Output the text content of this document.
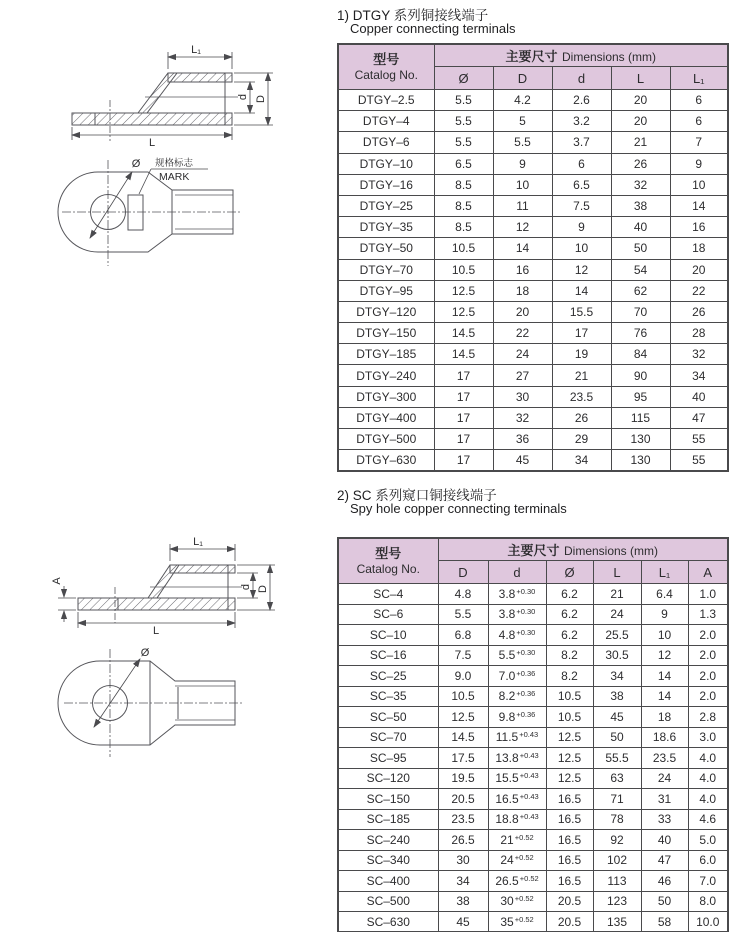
1) DTGY 系列铜接线端子
Copper connecting terminals
L₁
d D
L
Ø 规格标志
MARK
型号
Catalog No.	主要尺寸 Dimensions (mm)				
	Ø	D	d	L	L₁
DTGY–2.5	5.5	4.2	2.6	20	6
DTGY–4	5.5	5	3.2	20	6
DTGY–6	5.5	5.5	3.7	21	7
DTGY–10	6.5	9	6	26	9
DTGY–16	8.5	10	6.5	32	10
DTGY–25	8.5	11	7.5	38	14
DTGY–35	8.5	12	9	40	16
DTGY–50	10.5	14	10	50	18
DTGY–70	10.5	16	12	54	20
DTGY–95	12.5	18	14	62	22
DTGY–120	12.5	20	15.5	70	26
DTGY–150	14.5	22	17	76	28
DTGY–185	14.5	24	19	84	32
DTGY–240	17	27	21	90	34
DTGY–300	17	30	23.5	95	40
DTGY–400	17	32	26	115	47
DTGY–500	17	36	29	130	55
DTGY–630	17	45	34	130	55
2) SC 系列窥口铜接线端子
Spy hole copper connecting terminals
L₁
A
d D
L
Ø
型号
Catalog No.	主要尺寸 Dimensions (mm)					
	D	d	Ø	L	L₁	A
SC–4	4.8	$3.8^{+0.30}$	6.2	21	6.4	1.0
SC–6	5.5	$3.8^{+0.30}$	6.2	24	9	1.3
SC–10	6.8	$4.8^{+0.30}$	6.2	25.5	10	2.0
SC–16	7.5	$5.5^{+0.30}$	8.2	30.5	12	2.0
SC–25	9.0	$7.0^{+0.36}$	8.2	34	14	2.0
SC–35	10.5	$8.2^{+0.36}$	10.5	38	14	2.0
SC–50	12.5	$9.8^{+0.36}$	10.5	45	18	2.8
SC–70	14.5	$11.5^{+0.43}$	12.5	50	18.6	3.0
SC–95	17.5	$13.8^{+0.43}$	12.5	55.5	23.5	4.0
SC–120	19.5	$15.5^{+0.43}$	12.5	63	24	4.0
SC–150	20.5	$16.5^{+0.43}$	16.5	71	31	4.0
SC–185	23.5	$18.8^{+0.43}$	16.5	78	33	4.6
SC–240	26.5	$21^{+0.52}$	16.5	92	40	5.0
SC–340	30	$24^{+0.52}$	16.5	102	47	6.0
SC–400	34	$26.5^{+0.52}$	16.5	113	46	7.0
SC–500	38	$30^{+0.52}$	20.5	123	50	8.0
SC–630	45	$35^{+0.52}$	20.5	135	58	10.0
